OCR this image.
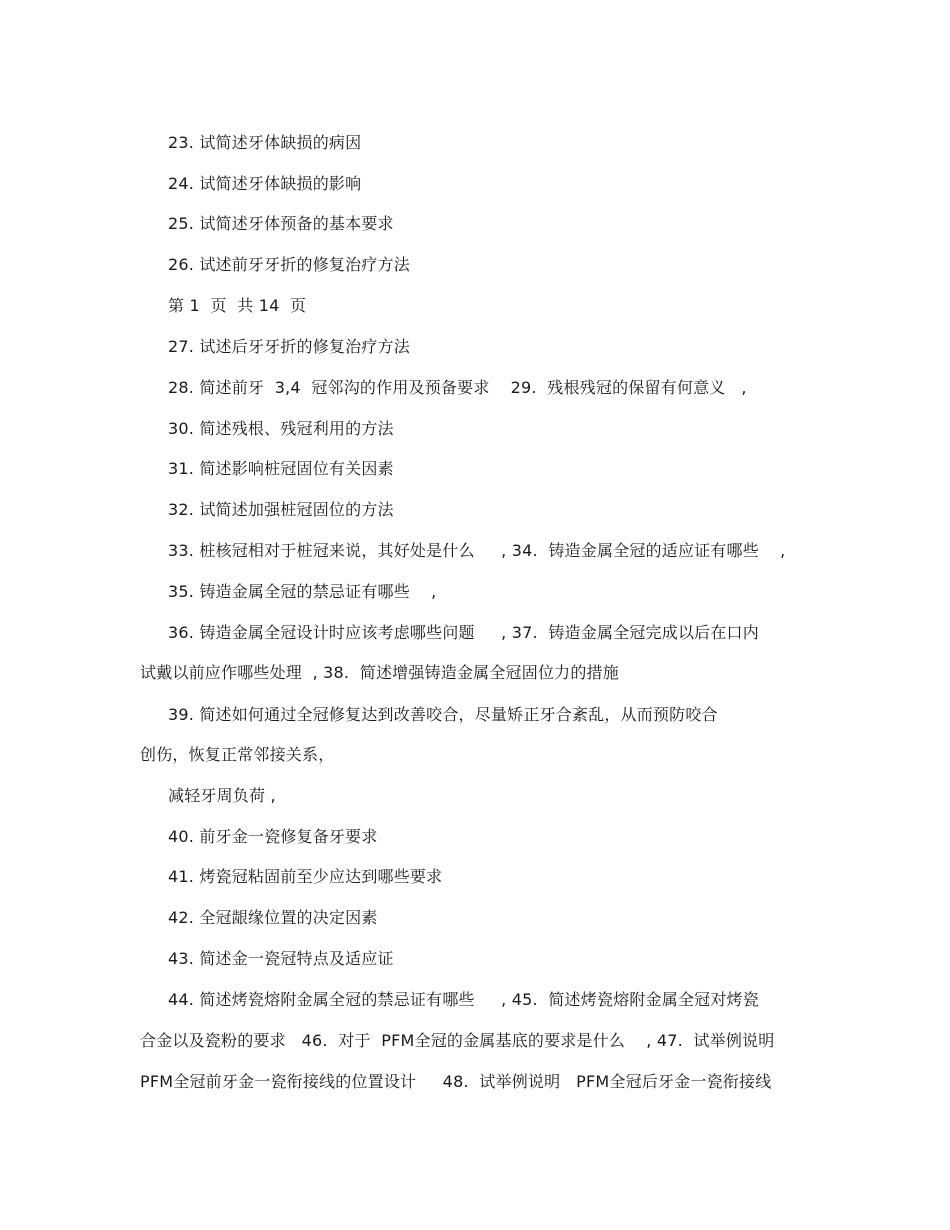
23. 试简述牙体缺损的病因
24. 试简述牙体缺损的影响
25. 试简述牙体预备的基本要求
26. 试述前牙牙折的修复治疗方法
第 1  页  共 14  页
27. 试述后牙牙折的修复治疗方法
28. 简述前牙  3,4  冠邻沟的作用及预备要求    29.  残根残冠的保留有何意义   ,
30. 简述残根、残冠利用的方法
31. 简述影响桩冠固位有关因素
32. 试简述加强桩冠固位的方法
33. 桩核冠相对于桩冠来说，其好处是什么     , 34.  铸造金属全冠的适应证有哪些    ,
35. 铸造金属全冠的禁忌证有哪些    ,
36. 铸造金属全冠设计时应该考虑哪些问题     , 37.  铸造金属全冠完成以后在口内
试戴以前应作哪些处理  , 38.  简述增强铸造金属全冠固位力的措施
39. 简述如何通过全冠修复达到改善咬合，尽量矫正牙合紊乱，从而预防咬合
创伤，恢复正常邻接关系，
减轻牙周负荷 ,
40. 前牙金一瓷修复备牙要求
41. 烤瓷冠粘固前至少应达到哪些要求
42. 全冠龈缘位置的决定因素
43. 简述金一瓷冠特点及适应证
44. 简述烤瓷熔附金属全冠的禁忌证有哪些     , 45.  简述烤瓷熔附金属全冠对烤瓷
合金以及瓷粉的要求   46.  对于  PFM全冠的金属基底的要求是什么    , 47.  试举例说明
PFM全冠前牙金一瓷衔接线的位置设计     48.  试举例说明   PFM全冠后牙金一瓷衔接线
